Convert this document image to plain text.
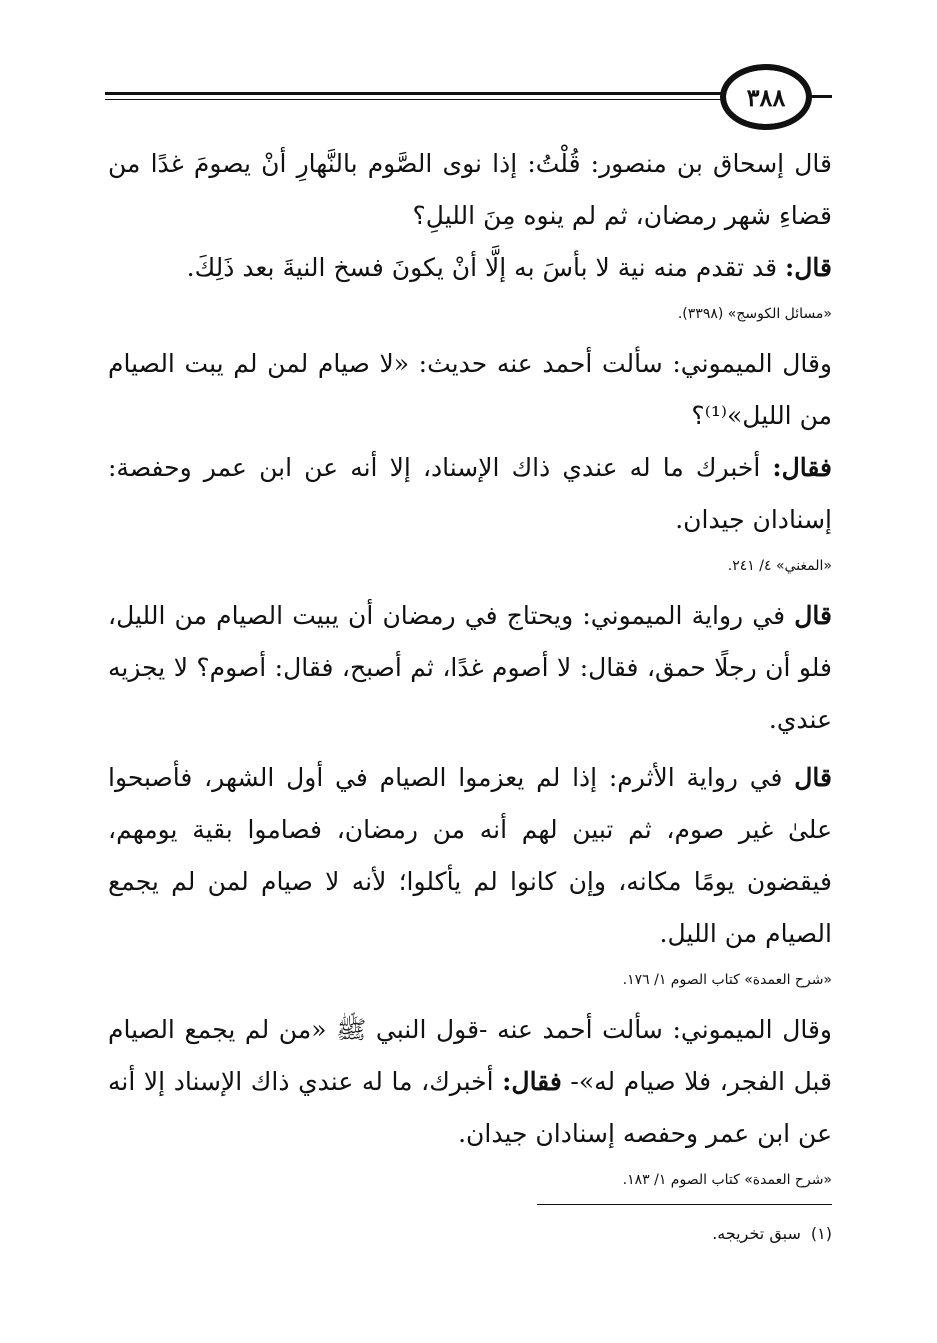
٣٨٨

قال إسحاق بن منصور: قُلْتُ: إذا نوى الصَّوم بالنَّهارِ أنْ يصومَ غدًا من قضاءِ شهر رمضان، ثم لم ينوه مِنَ الليلِ؟

قال: قد تقدم منه نية لا بأسَ به إلَّا أنْ يكونَ فسخ النيةَ بعد ذَلِكَ.

«مسائل الكوسج» (٣٣٩٨).

وقال الميموني: سألت أحمد عنه حديث: «لا صيام لمن لم يبت الصيام من الليل»⁽¹⁾؟

فقال: أخبرك ما له عندي ذاك الإسناد، إلا أنه عن ابن عمر وحفصة: إسنادان جيدان.

«المغني» ٤/ ٢٤١.

قال في رواية الميموني: ويحتاج في رمضان أن يبيت الصيام من الليل، فلو أن رجلًا حمق، فقال: لا أصوم غدًا، ثم أصبح، فقال: أصوم؟ لا يجزيه عندي.

قال في رواية الأثرم: إذا لم يعزموا الصيام في أول الشهر، فأصبحوا علىٰ غير صوم، ثم تبين لهم أنه من رمضان، فصاموا بقية يومهم، فيقضون يومًا مكانه، وإن كانوا لم يأكلوا؛ لأنه لا صيام لمن لم يجمع الصيام من الليل.

«شرح العمدة» كتاب الصوم ١/ ١٧٦.

وقال الميموني: سألت أحمد عنه -قول النبي ﷺ «من لم يجمع الصيام قبل الفجر، فلا صيام له»- فقال: أخبرك، ما له عندي ذاك الإسناد إلا أنه عن ابن عمر وحفصه إسنادان جيدان.

«شرح العمدة» كتاب الصوم ١/ ١٨٣.
(١)سبق تخريجه.
